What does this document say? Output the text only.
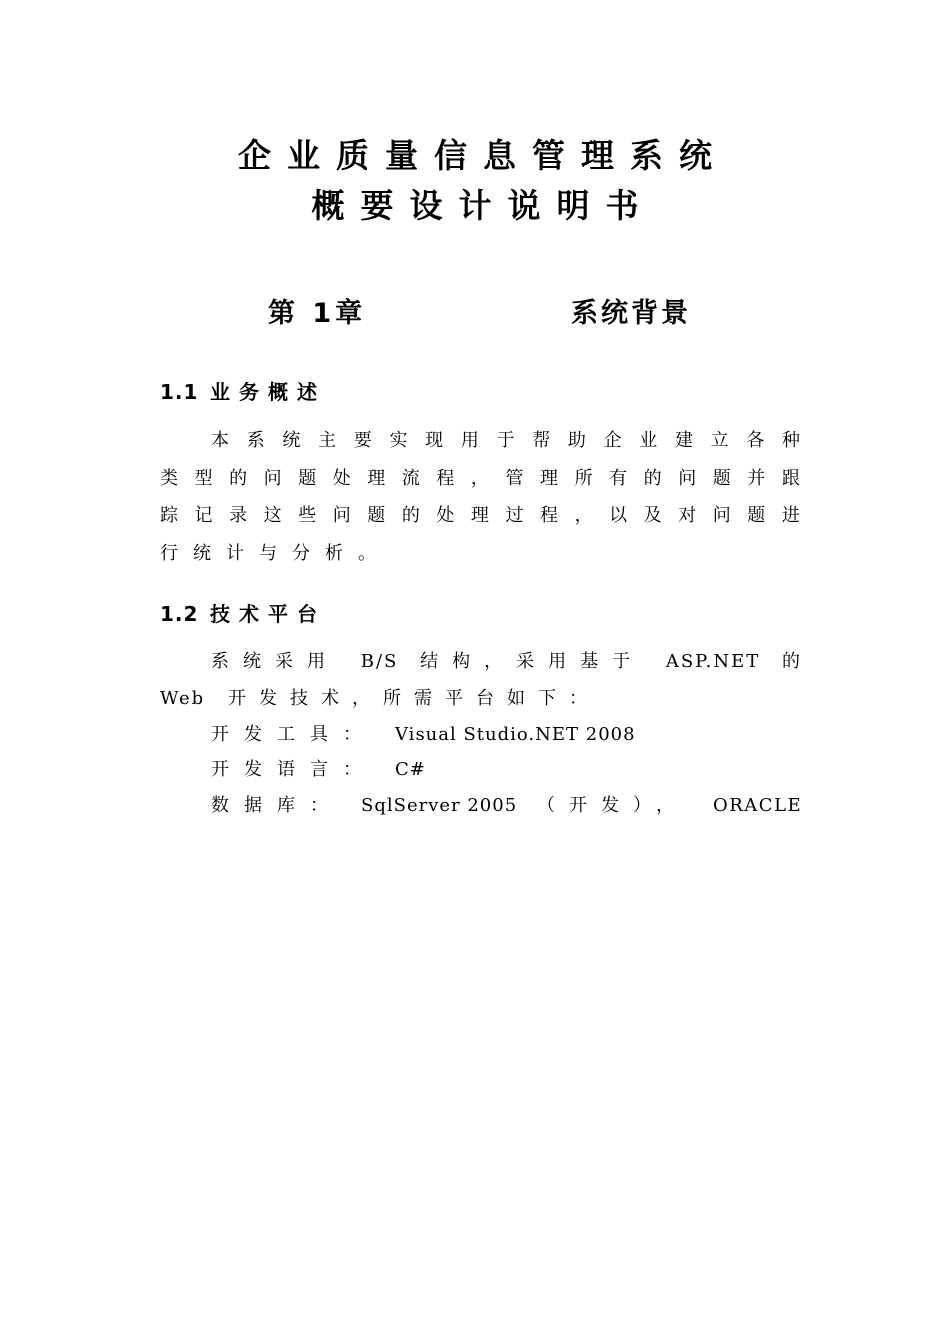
企业质量信息管理系统
概要设计说明书
第 1章	系统背景
1.1 业务概述
本 系 统 主 要 实 现 用 于 帮 助 企 业 建 立 各 种
类 型 的 问 题 处 理 流 程 ， 管 理 所 有 的 问 题 并 跟
踪 记 录 这 些 问 题 的 处 理 过 程 ， 以 及 对 问 题 进
行统计与分析。
1.2 技术平台
系统采用 B/S 结构，采用基于 ASP.NET 的
Web 开发技术，所需平台如下：
开发工具： Visual Studio.NET 2008
开发语言： C#
数据库： SqlServer 2005 （开发）， ORACLE
